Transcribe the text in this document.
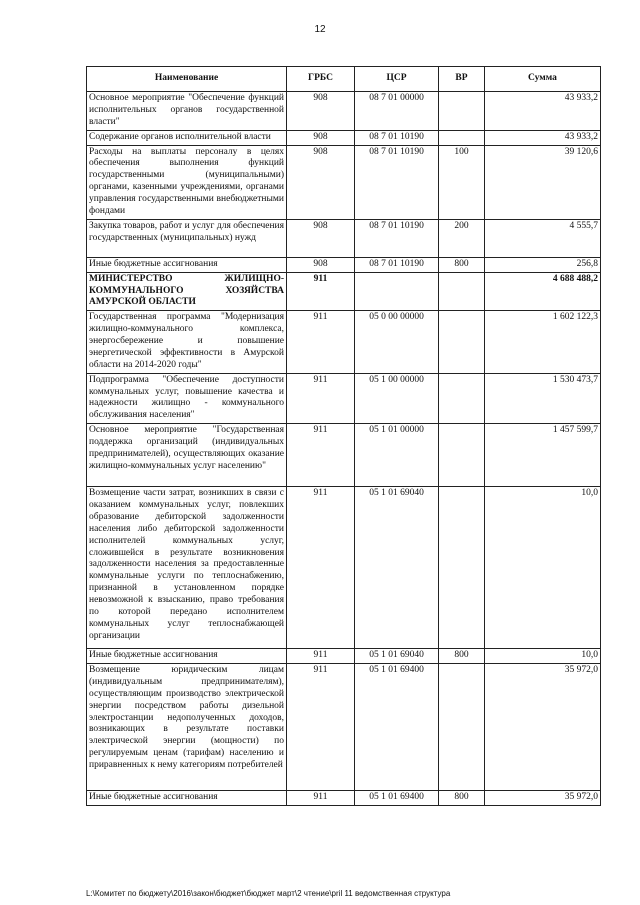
12
Наименование	ГРБС	ЦСР	ВР	Сумма
Основное мероприятие "Обеспечение функций исполнительных органов государственной власти"	908	08 7 01 00000		43 933,2
Содержание органов исполнительной власти	908	08 7 01 10190		43 933,2
Расходы на выплаты персоналу в целях обеспечения выполнения функций государственными (муниципальными) органами, казенными учреждениями, органами управления государственными внебюджетными фондами	908	08 7 01 10190	100	39 120,6
Закупка товаров, работ и услуг для обеспечения государственных (муниципальных) нужд	908	08 7 01 10190	200	4 555,7
Иные бюджетные ассигнования	908	08 7 01 10190	800	256,8
МИНИСТЕРСТВО ЖИЛИЩНО-КОММУНАЛЬНОГО ХОЗЯЙСТВА АМУРСКОЙ ОБЛАСТИ	911			4 688 488,2
Государственная программа "Модернизация жилищно-коммунального комплекса, энергосбережение и повышение энергетической эффективности в Амурской области на 2014-2020 годы"	911	05 0 00 00000		1 602 122,3
Подпрограмма "Обеспечение доступности коммунальных услуг, повышение качества и надежности жилищно - коммунального обслуживания населения"	911	05 1 00 00000		1 530 473,7
Основное мероприятие "Государственная поддержка организаций (индивидуальных предпринимателей), осуществляющих оказание жилищно-коммунальных услуг населению"	911	05 1 01 00000		1 457 599,7
Возмещение части затрат, возникших в связи с оказанием коммунальных услуг, повлекших образование дебиторской задолженности населения либо дебиторской задолженности исполнителей коммунальных услуг, сложившейся в результате возникновения задолженности населения за предоставленные коммунальные услуги по теплоснабжению, признанной в установленном порядке невозможной к взысканию, право требования по которой передано исполнителем коммунальных услуг теплоснабжающей организации	911	05 1 01 69040		10,0
Иные бюджетные ассигнования	911	05 1 01 69040	800	10,0
Возмещение юридическим лицам (индивидуальным предпринимателям), осуществляющим производство электрической энергии посредством работы дизельной электростанции недополученных доходов, возникающих в результате поставки электрической энергии (мощности) по регулируемым ценам (тарифам) населению и приравненных к нему категориям потребителей	911	05 1 01 69400		35 972,0
Иные бюджетные ассигнования	911	05 1 01 69400	800	35 972,0
L:\Комитет по бюджету\2016\закон\бюджет\бюджет март\2 чтение\pril 11 ведомственная структура
